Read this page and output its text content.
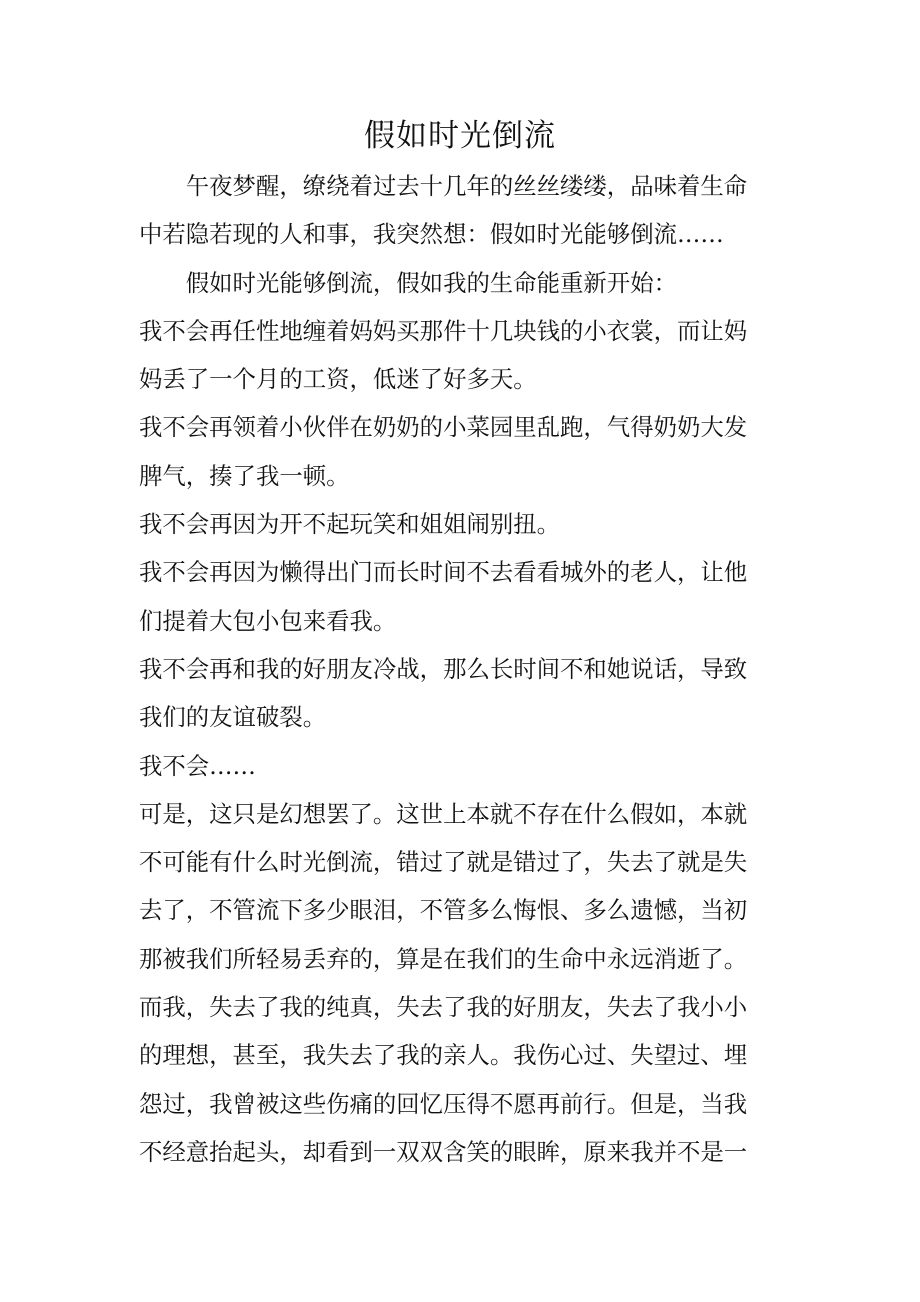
假如时光倒流

　　午夜梦醒，缭绕着过去十几年的丝丝缕缕，品味着生命

中若隐若现的人和事，我突然想：假如时光能够倒流……

　　假如时光能够倒流，假如我的生命能重新开始：

我不会再任性地缠着妈妈买那件十几块钱的小衣裳，而让妈

妈丢了一个月的工资，低迷了好多天。

我不会再领着小伙伴在奶奶的小菜园里乱跑，气得奶奶大发

脾气，揍了我一顿。

我不会再因为开不起玩笑和姐姐闹别扭。

我不会再因为懒得出门而长时间不去看看城外的老人，让他

们提着大包小包来看我。

我不会再和我的好朋友冷战，那么长时间不和她说话，导致

我们的友谊破裂。

我不会……

可是，这只是幻想罢了。这世上本就不存在什么假如，本就

不可能有什么时光倒流，错过了就是错过了，失去了就是失

去了，不管流下多少眼泪，不管多么悔恨、多么遗憾，当初

那被我们所轻易丢弃的，算是在我们的生命中永远消逝了。

而我，失去了我的纯真，失去了我的好朋友，失去了我小小

的理想，甚至，我失去了我的亲人。我伤心过、失望过、埋

怨过，我曾被这些伤痛的回忆压得不愿再前行。但是，当我

不经意抬起头，却看到一双双含笑的眼眸，原来我并不是一
